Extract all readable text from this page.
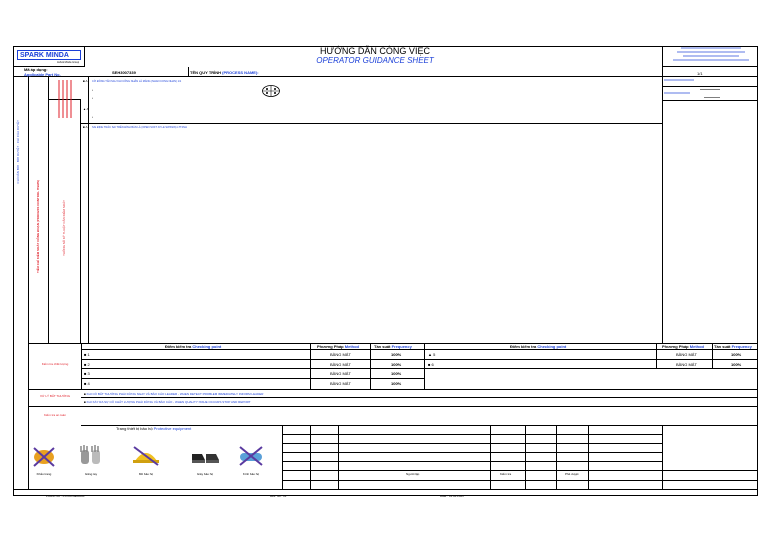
SPARK MINDA
Ashok Minda Group
HƯỚNG DẪN CÔNG VIỆC
OPERATOR GUIDANCE SHEET
Mã áp dụng:
Applicable Part No.	SEH3007339	TÊN QUY TRÌNH (PROCESS NAME):	1/1
CHỈ DẪN BỞI · BỞI DUYỆT · CHỈ CỦA DUYỆT
TIÊU CHÍ KIỂM SOÁT CÔNG ĐOẠN (PROCESS CONTROL ITEMS)	THÔNG SỐ KỸ THUẬT CẦN KIỂM SOÁT
■ A CỜ ĐÓNG TẤN SAU KHI CÔNG NHÂN LÀ MÁNG (NHAN CONG NHAN) 1/1
•
•
▲ A
•
■ A SAI ĐỊNH TRÁC SAI TRÊN ĐỈNH BẢN LÀ (OPEN SOFT AT LE SWSSIN) LTT2NH
Điểm kiểm tra Checking point	Phương Pháp Method	Tần suất Frequency	Điểm kiểm tra Checking point	Phương Pháp Method	Tần suất Frequency
■ 1	BẰNG MẮT	100%
■ 2	BẰNG MẮT	100%
■ 3	BẰNG MẮT	100%
■ 4	BẰNG MẮT	100%
▲ 5	BẰNG MẮT	100%
■ 6	BẰNG MẮT	100%
Kiểm tra chất lượng
XỬ LÝ BẤT THƯỜNG
Kiểm tra an toàn
■ KHI CÓ BẤT THƯỜNG PHẢI DỪNG NGAY VÀ BÁO CÁO LEADER - WHEN DETECT PROBLEM IMMEDIATELY INFORM LEADER
■ KHI XẢY RA SỰ CỐ CHẤT LƯỢNG PHẢI DỪNG VÀ BÁO CÁO - WHEN QUALITY ISSUE OCCURS STOP AND REPORT
Trang thiết bị bảo hộ Protective equipment
Khẩu trang	Găng tay	Mũ bảo hộ	Giày bảo hộ	Kính bảo hộ	Người lập	Kiểm tra	Phê duyệt
FORM NO : F-PRD/SEH/001	Rev. No : 01	Date : 01.04.2021
